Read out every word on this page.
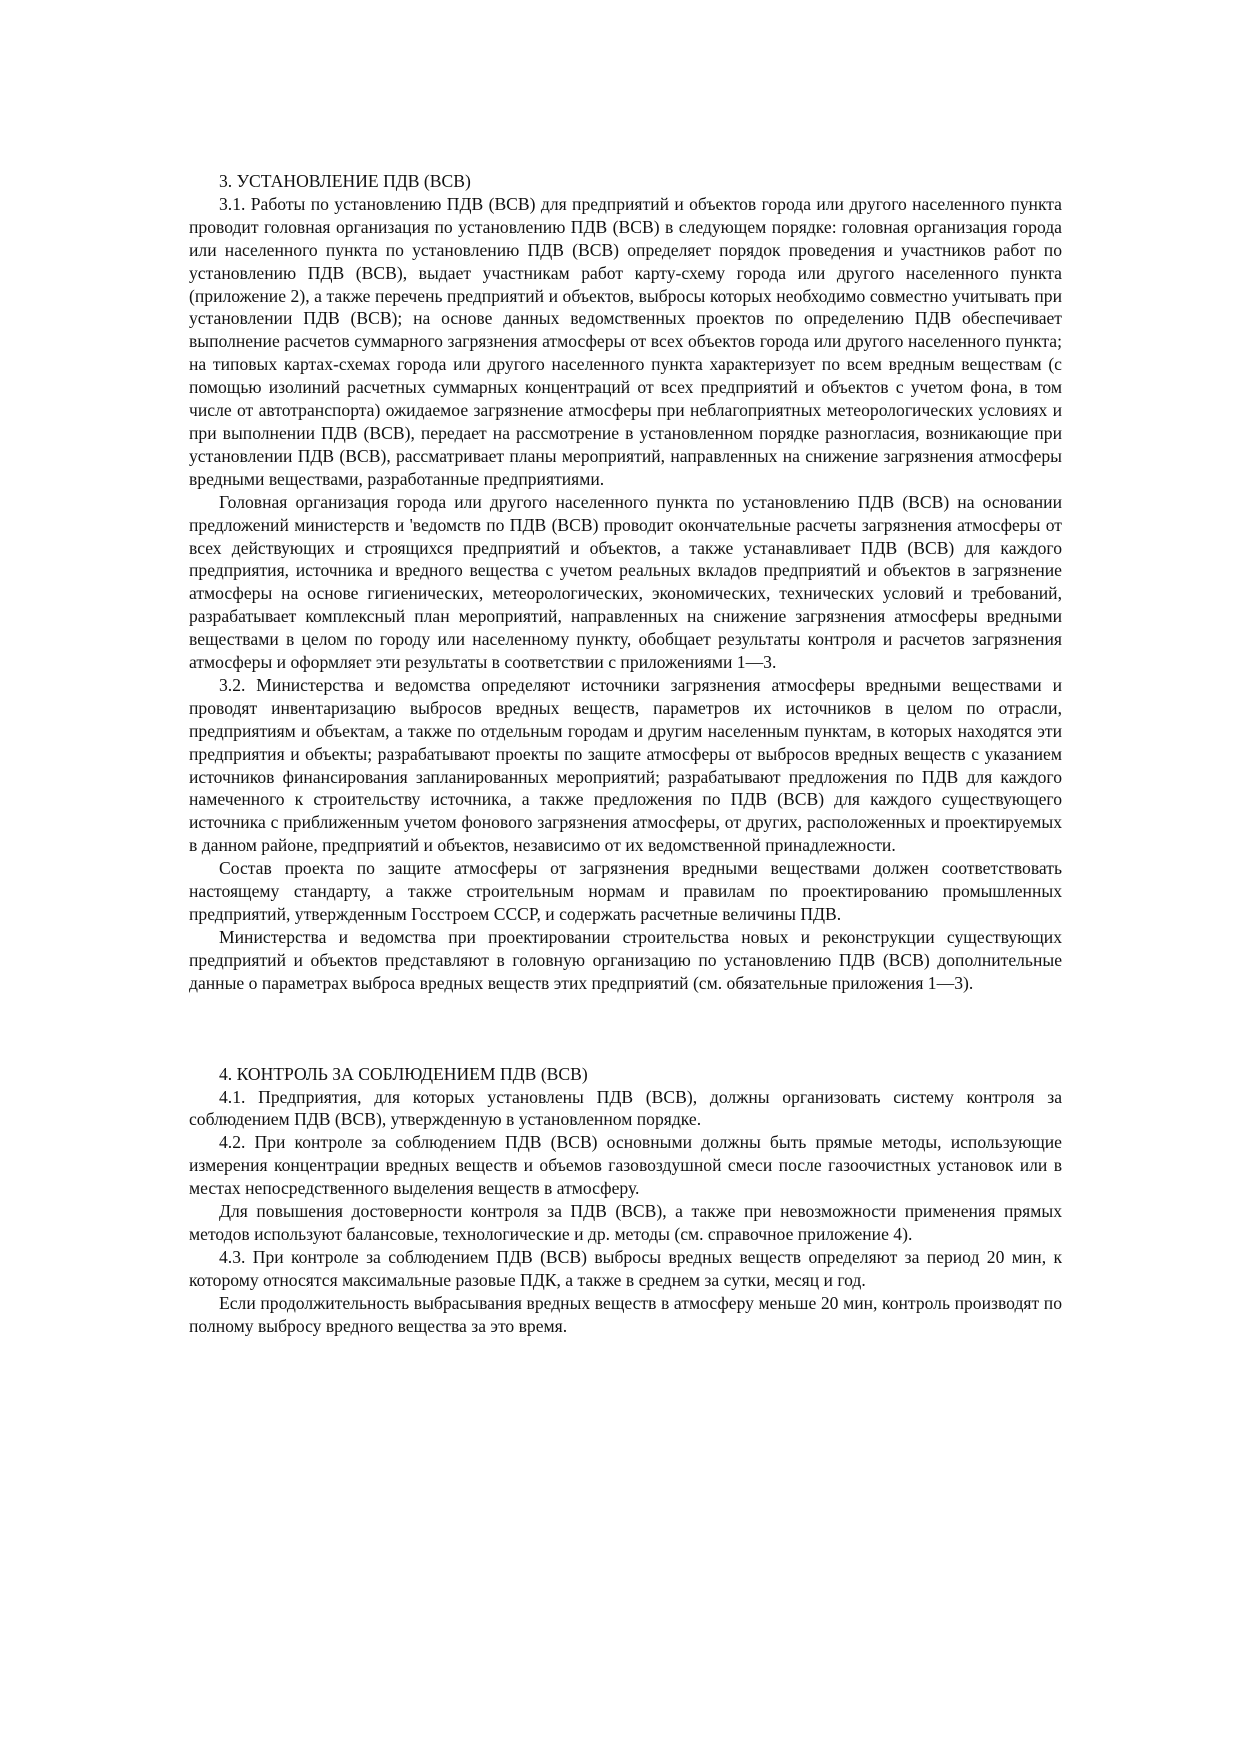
3. УСТАНОВЛЕНИЕ ПДВ (ВСВ)

3.1. Работы по установлению ПДВ (ВСВ) для предприятий и объектов города или другого населенного пункта проводит головная организация по установлению ПДВ (ВСВ) в следующем порядке: головная организация города или населенного пункта по установлению ПДВ (ВСВ) определяет порядок проведения и участников работ по установлению ПДВ (ВСВ), выдает участникам работ карту-схему города или другого населенного пункта (приложение 2), а также перечень предприятий и объектов, выбросы которых необходимо совместно учитывать при установлении ПДВ (ВСВ); на основе данных ведомственных проектов по определению ПДВ обеспечивает выполнение расчетов суммарного загрязнения атмосферы от всех объектов города или другого населенного пункта; на типовых картах-схемах города или другого населенного пункта характеризует по всем вредным веществам (с помощью изолиний расчетных суммарных концентраций от всех предприятий и объектов с учетом фона, в том числе от автотранспорта) ожидаемое загрязнение атмосферы при неблагоприятных метеорологических условиях и при выполнении ПДВ (ВСВ), передает на рассмотрение в установленном порядке разногласия, возникающие при установлении ПДВ (ВСВ), рассматривает планы мероприятий, направленных на снижение загрязнения атмосферы вредными веществами, разработанные предприятиями.

Головная организация города или другого населенного пункта по установлению ПДВ (ВСВ) на основании предложений министерств и 'ведомств по ПДВ (ВСВ) проводит окончательные расчеты загрязнения атмосферы от всех действующих и строящихся предприятий и объектов, а также устанавливает ПДВ (ВСВ) для каждого предприятия, источника и вредного вещества с учетом реальных вкладов предприятий и объектов в загрязнение атмосферы на основе гигиенических, метеорологических, экономических, технических условий и требований, разрабатывает комплексный план мероприятий, направленных на снижение загрязнения атмосферы вредными веществами в целом по городу или населенному пункту, обобщает результаты контроля и расчетов загрязнения атмосферы и оформляет эти результаты в соответствии с приложениями 1—3.

3.2. Министерства и ведомства определяют источники загрязнения атмосферы вредными веществами и проводят инвентаризацию выбросов вредных веществ, параметров их источников в целом по отрасли, предприятиям и объектам, а также по отдельным городам и другим населенным пунктам, в которых находятся эти предприятия и объекты; разрабатывают проекты по защите атмосферы от выбросов вредных веществ с указанием источников финансирования запланированных мероприятий; разрабатывают предложения по ПДВ для каждого намеченного к строительству источника, а также предложения по ПДВ (ВСВ) для каждого существующего источника с приближенным учетом фонового загрязнения атмосферы, от других, расположенных и проектируемых в данном районе, предприятий и объектов, независимо от их ведомственной принадлежности.

Состав проекта по защите атмосферы от загрязнения вредными веществами должен соответствовать настоящему стандарту, а также строительным нормам и правилам по проектированию промышленных предприятий, утвержденным Госстроем СССР, и содержать расчетные величины ПДВ.

Министерства и ведомства при проектировании строительства новых и реконструкции существующих предприятий и объектов представляют в головную организацию по установлению ПДВ (ВСВ) дополнительные данные о параметрах выброса вредных веществ этих предприятий (см. обязательные приложения 1—3).

4. КОНТРОЛЬ ЗА СОБЛЮДЕНИЕМ ПДВ (ВСВ)

4.1. Предприятия, для которых установлены ПДВ (ВСВ), должны организовать систему контроля за соблюдением ПДВ (ВСВ), утвержденную в установленном порядке.

4.2. При контроле за соблюдением ПДВ (ВСВ) основными должны быть прямые методы, использующие измерения концентрации вредных веществ и объемов газовоздушной смеси после газоочистных установок или в местах непосредственного выделения веществ в атмосферу.

Для повышения достоверности контроля за ПДВ (ВСВ), а также при невозможности применения прямых методов используют балансовые, технологические и др. методы (см. справочное приложение 4).

4.3. При контроле за соблюдением ПДВ (ВСВ) выбросы вредных веществ определяют за период 20 мин, к которому относятся максимальные разовые ПДК, а также в среднем за сутки, месяц и год.

Если продолжительность выбрасывания вредных веществ в атмосферу меньше 20 мин, контроль производят по полному выбросу вредного вещества за это время.
